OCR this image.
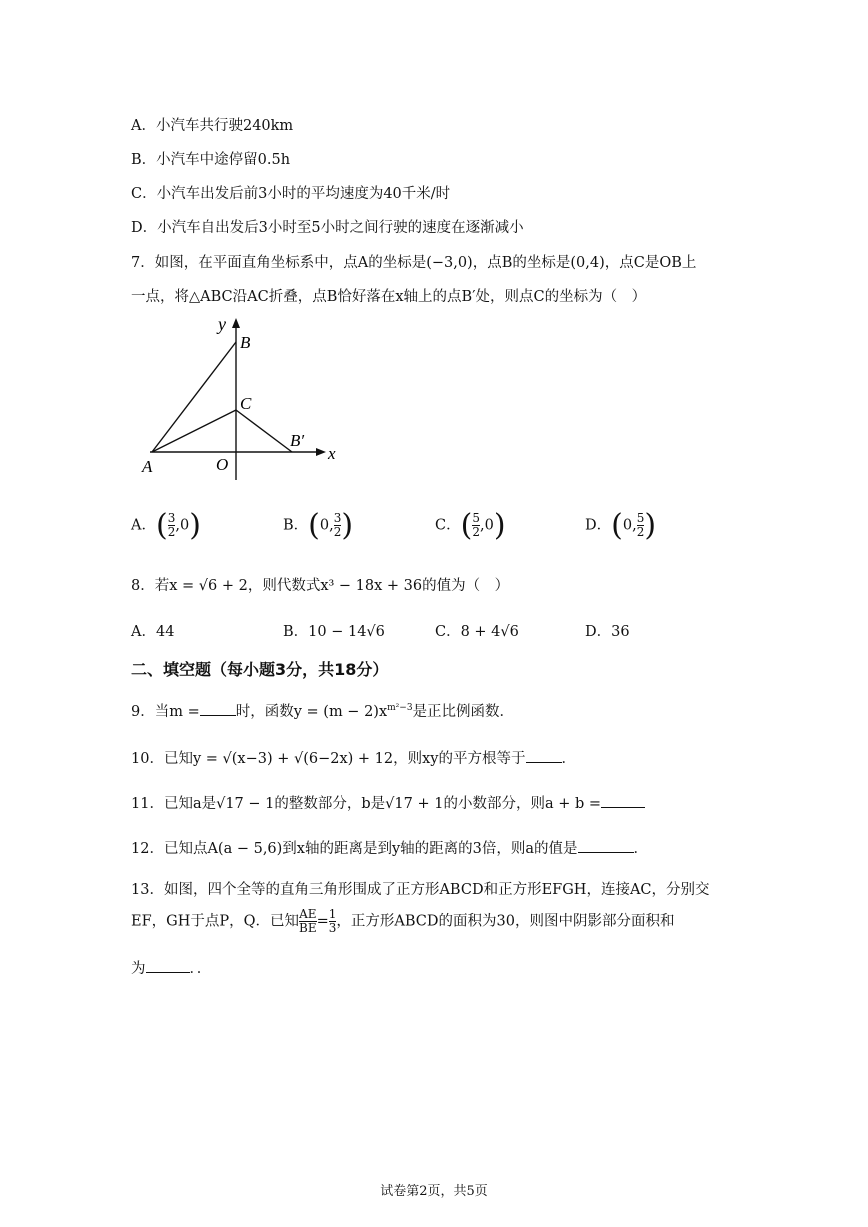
A．小汽车共行驶240km
B．小汽车中途停留0.5h
C．小汽车出发后前3小时的平均速度为40千米/时
D．小汽车自出发后3小时至5小时之间行驶的速度在逐渐减小
7．如图，在平面直角坐标系中，点A的坐标是(−3,0)，点B的坐标是(0,4)，点C是OB上
一点，将△ABC沿AC折叠，点B恰好落在x轴上的点B′处，则点C的坐标为（　）
y
B
C
B′
x
A	O
A．( $\frac{3}{2} ,0$)	B．(0, $\frac{3}{2}$ )	C．( $\frac{5}{2} ,0$)	D．(0, $\frac{5}{2}$ )
8．若x = √6 + 2，则代数式x³ − 18x + 36的值为（　）
A．44	B．10 − 14√6	C．8 + 4√6	D．36
二、填空题（每小题3分，共18分）
9．当m = 时，函数$y = (m - 2)x^{m^2-3}$是正比例函数．
10．已知y = √(x−3) + √(6−2x) + 12，则xy的平方根等于 ．
11．已知a是√17 − 1的整数部分，b是√17 + 1的小数部分，则a + b =
12．已知点A(a − 5,6)到x轴的距离是到y轴的距离的3倍，则a的值是	．
13．如图，四个全等的直角三角形围成了正方形ABCD和正方形EFGH，连接AC，分别交
EF，GH于点P，Q．已知 $\frac{AE}{BE} = \frac{1}{3}$ ，正方形ABCD的面积为30，则图中阴影部分面积和
为	．．
试卷第2页，共5页
